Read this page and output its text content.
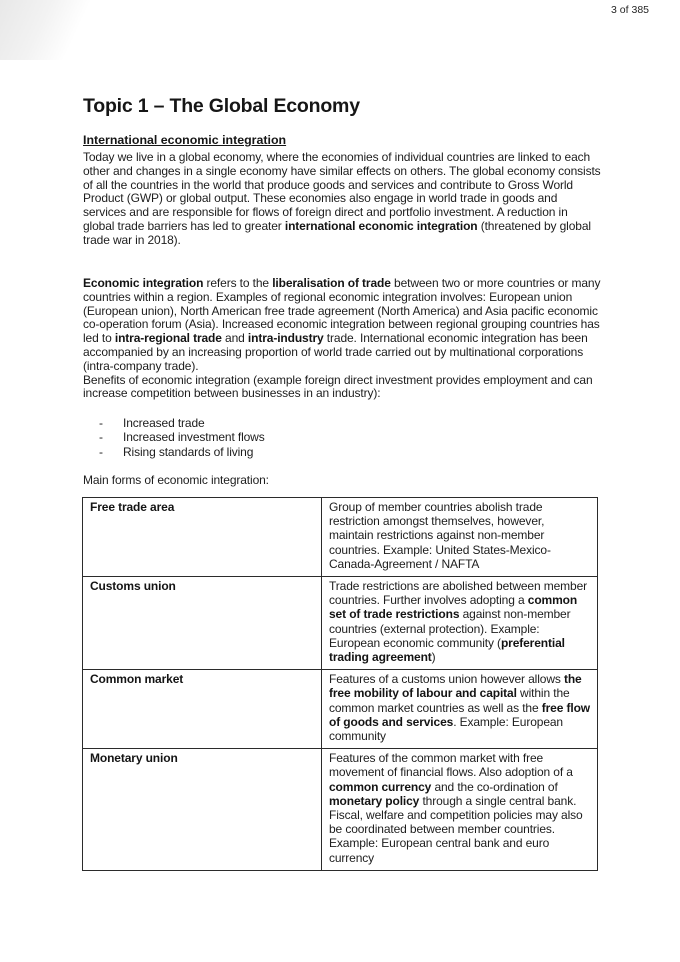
3 of 385
Topic 1 – The Global Economy
International economic integration

Today we live in a global economy, where the economies of individual countries are linked to each other and changes in a single economy have similar effects on others. The global economy consists of all the countries in the world that produce goods and services and contribute to Gross World Product (GWP) or global output. These economies also engage in world trade in goods and services and are responsible for flows of foreign direct and portfolio investment. A reduction in global trade barriers has led to greater international economic integration (threatened by global trade war in 2018).

Economic integration refers to the liberalisation of trade between two or more countries or many countries within a region. Examples of regional economic integration involves: European union (European union), North American free trade agreement (North America) and Asia pacific economic co-operation forum (Asia). Increased economic integration between regional grouping countries has led to intra-regional trade and intra-industry trade. International economic integration has been accompanied by an increasing proportion of world trade carried out by multinational corporations (intra-company trade).

Benefits of economic integration (example foreign direct investment provides employment and can increase competition between businesses in an industry):

-	Increased trade
-	Increased investment flows
-	Rising standards of living

Main forms of economic integration:

Free trade area	Group of member countries abolish trade restriction amongst themselves, however, maintain restrictions against non-member countries. Example: United States-Mexico-Canada-Agreement / NAFTA
Customs union	Trade restrictions are abolished between member countries. Further involves adopting a common set of trade restrictions against non-member countries (external protection). Example: European economic community (preferential trading agreement)
Common market	Features of a customs union however allows the free mobility of labour and capital within the common market countries as well as the free flow of goods and services. Example: European community
Monetary union	Features of the common market with free movement of financial flows. Also adoption of a common currency and the co-ordination of monetary policy through a single central bank. Fiscal, welfare and competition policies may also be coordinated between member countries. Example: European central bank and euro currency
